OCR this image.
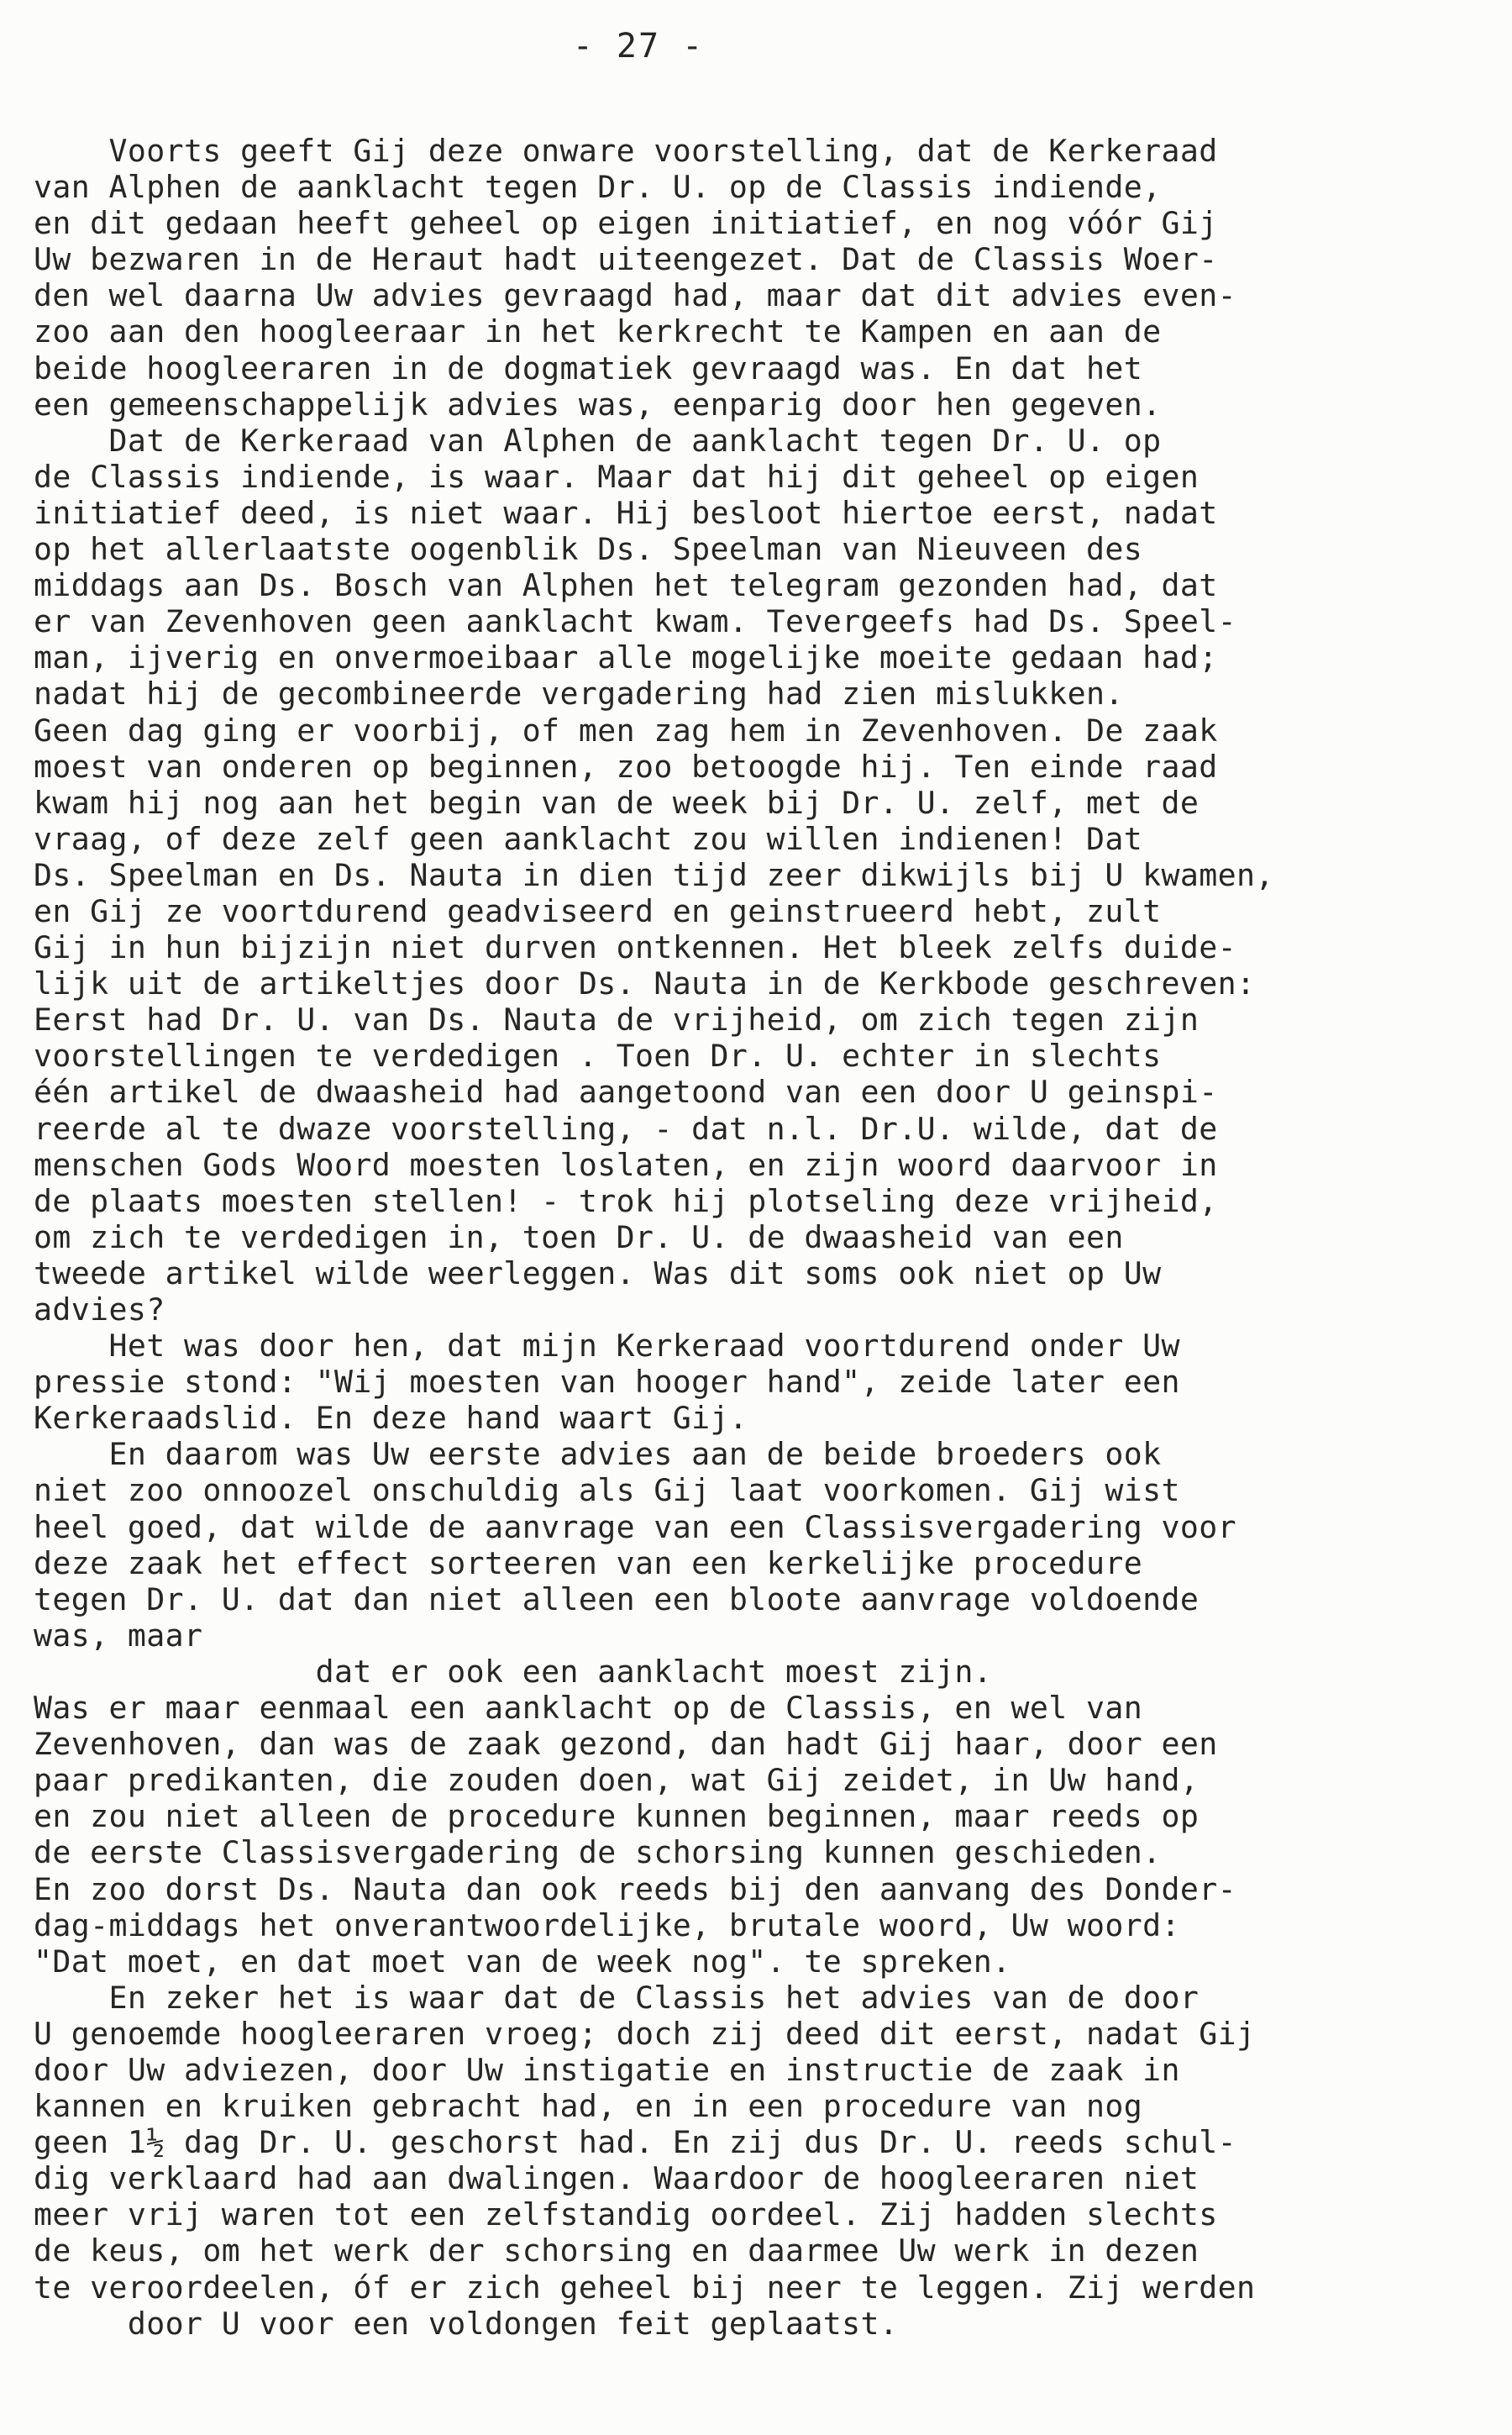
- 27 -
Voorts geeft Gij deze onware voorstelling, dat de Kerkeraad
van Alphen de aanklacht tegen Dr. U. op de Classis indiende,
en dit gedaan heeft geheel op eigen initiatief, en nog vóór Gij
Uw bezwaren in de Heraut hadt uiteengezet. Dat de Classis Woer-
den wel daarna Uw advies gevraagd had, maar dat dit advies even-
zoo aan den hoogleeraar in het kerkrecht te Kampen en aan de
beide hoogleeraren in de dogmatiek gevraagd was. En dat het
een gemeenschappelijk advies was, eenparig door hen gegeven.
Dat de Kerkeraad van Alphen de aanklacht tegen Dr. U. op
de Classis indiende, is waar. Maar dat hij dit geheel op eigen
initiatief deed, is niet waar. Hij besloot hiertoe eerst, nadat
op het allerlaatste oogenblik Ds. Speelman van Nieuveen des
middags aan Ds. Bosch van Alphen het telegram gezonden had, dat
er van Zevenhoven geen aanklacht kwam. Tevergeefs had Ds. Speel-
man, ijverig en onvermoeibaar alle mogelijke moeite gedaan had;
nadat hij de gecombineerde vergadering had zien mislukken.
Geen dag ging er voorbij, of men zag hem in Zevenhoven. De zaak
moest van onderen op beginnen, zoo betoogde hij. Ten einde raad
kwam hij nog aan het begin van de week bij Dr. U. zelf, met de
vraag, of deze zelf geen aanklacht zou willen indienen! Dat
Ds. Speelman en Ds. Nauta in dien tijd zeer dikwijls bij U kwamen,
en Gij ze voortdurend geadviseerd en geinstrueerd hebt, zult
Gij in hun bijzijn niet durven ontkennen. Het bleek zelfs duide-
lijk uit de artikeltjes door Ds. Nauta in de Kerkbode geschreven:
Eerst had Dr. U. van Ds. Nauta de vrijheid, om zich tegen zijn
voorstellingen te verdedigen . Toen Dr. U. echter in slechts
één artikel de dwaasheid had aangetoond van een door U geinspi-
reerde al te dwaze voorstelling, - dat n.l. Dr.U. wilde, dat de
menschen Gods Woord moesten loslaten, en zijn woord daarvoor in
de plaats moesten stellen! - trok hij plotseling deze vrijheid,
om zich te verdedigen in, toen Dr. U. de dwaasheid van een
tweede artikel wilde weerleggen. Was dit soms ook niet op Uw
advies?
Het was door hen, dat mijn Kerkeraad voortdurend onder Uw
pressie stond: "Wij moesten van hooger hand", zeide later een
Kerkeraadslid. En deze hand waart Gij.
En daarom was Uw eerste advies aan de beide broeders ook
niet zoo onnoozel onschuldig als Gij laat voorkomen. Gij wist
heel goed, dat wilde de aanvrage van een Classisvergadering voor
deze zaak het effect sorteeren van een kerkelijke procedure
tegen Dr. U. dat dan niet alleen een bloote aanvrage voldoende
was, maar
dat er ook een aanklacht moest zijn.
Was er maar eenmaal een aanklacht op de Classis, en wel van
Zevenhoven, dan was de zaak gezond, dan hadt Gij haar, door een
paar predikanten, die zouden doen, wat Gij zeidet, in Uw hand,
en zou niet alleen de procedure kunnen beginnen, maar reeds op
de eerste Classisvergadering de schorsing kunnen geschieden.
En zoo dorst Ds. Nauta dan ook reeds bij den aanvang des Donder-
dag-middags het onverantwoordelijke, brutale woord, Uw woord:
"Dat moet, en dat moet van de week nog". te spreken.
En zeker het is waar dat de Classis het advies van de door
U genoemde hoogleeraren vroeg; doch zij deed dit eerst, nadat Gij
door Uw adviezen, door Uw instigatie en instructie de zaak in
kannen en kruiken gebracht had, en in een procedure van nog
geen 1½ dag Dr. U. geschorst had. En zij dus Dr. U. reeds schul-
dig verklaard had aan dwalingen. Waardoor de hoogleeraren niet
meer vrij waren tot een zelfstandig oordeel. Zij hadden slechts
de keus, om het werk der schorsing en daarmee Uw werk in dezen
te veroordeelen, óf er zich geheel bij neer te leggen. Zij werden
door U voor een voldongen feit geplaatst.
